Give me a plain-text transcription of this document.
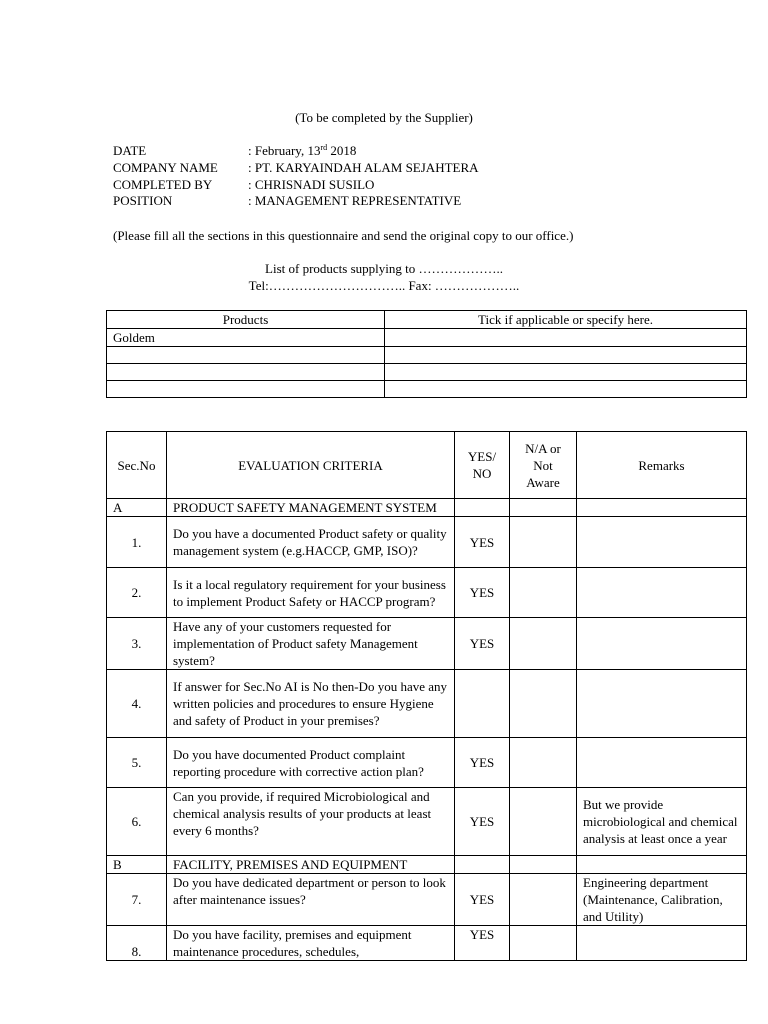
(To be completed by the Supplier)
DATE	: February, 13rd 2018
COMPANY NAME : PT. KARYAINDAH ALAM SEJAHTERA
COMPLETED BY	: CHRISNADI SUSILO
POSITION	: MANAGEMENT REPRESENTATIVE
(Please fill all the sections in this questionnaire and send the original copy to our office.)
List of products supplying to ………………..
Tel:………………………….. Fax: ………………..
Products	Tick if applicable or specify here.
Goldem	

Sec.No	EVALUATION CRITERIA	YES/ NO	N/A or Not Aware	Remarks
A	PRODUCT SAFETY MANAGEMENT SYSTEM			
1.	Do you have a documented Product safety or quality management system (e.g.HACCP, GMP, ISO)?	YES		
2.	Is it a local regulatory requirement for your business to implement Product Safety or HACCP program?	YES		
3.	Have any of your customers requested for implementation of Product safety Management system?	YES		
4.	If answer for Sec.No AI is No then-Do you have any written policies and procedures to ensure Hygiene and safety of Product in your premises?			
5.	Do you have documented Product complaint reporting procedure with corrective action plan?	YES		
6.	Can you provide, if required Microbiological and chemical analysis results of your products at least every 6 months?	YES		But we provide microbiological and chemical analysis at least once a year
B	FACILITY, PREMISES AND EQUIPMENT			
7.	Do you have dedicated department or person to look after maintenance issues?	YES		Engineering department (Maintenance, Calibration, and Utility)
8.	Do you have facility, premises and equipment maintenance procedures, schedules,	YES		
